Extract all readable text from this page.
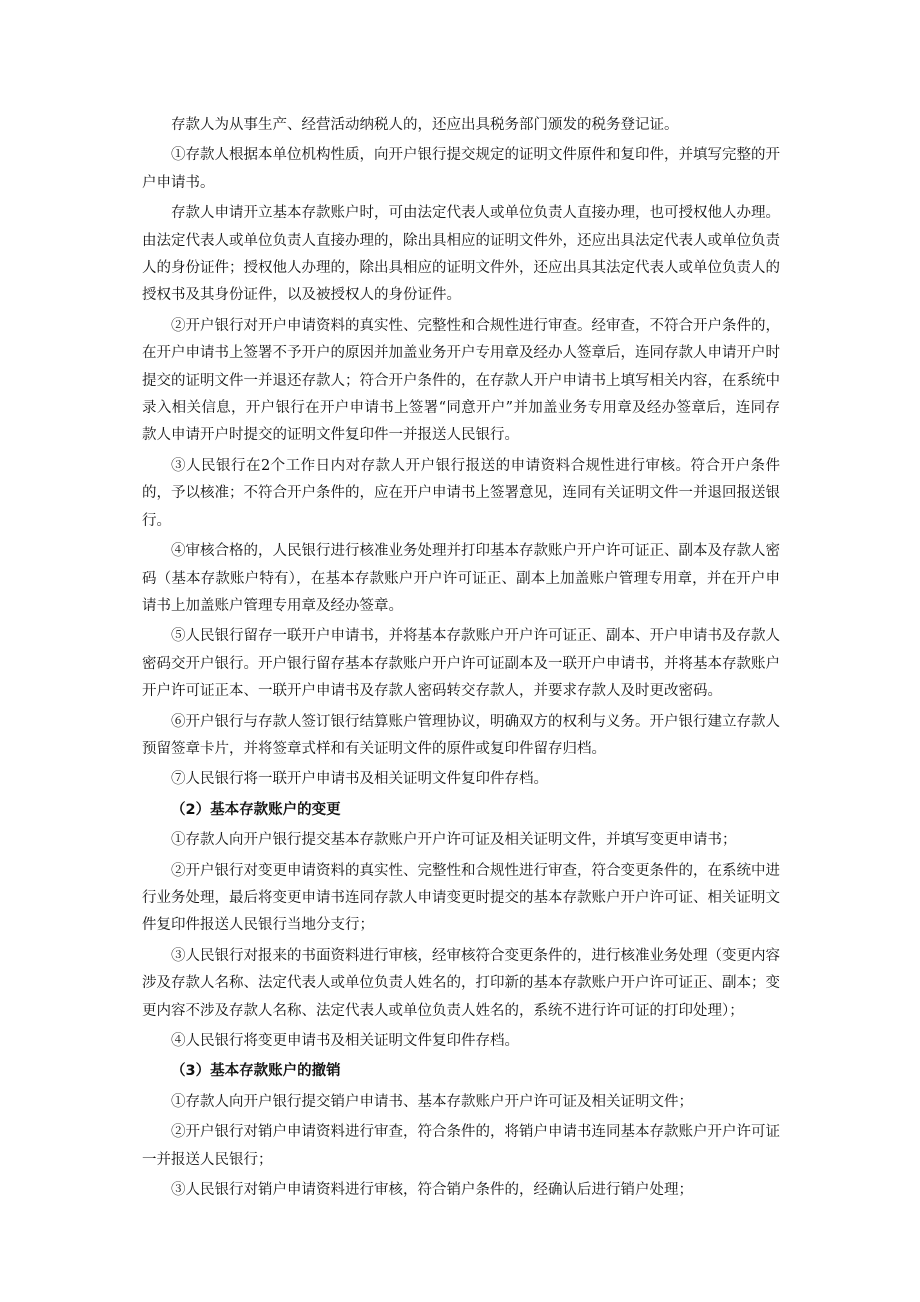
存款人为从事生产、经营活动纳税人的，还应出具税务部门颁发的税务登记证。

①存款人根据本单位机构性质，向开户银行提交规定的证明文件原件和复印件，并填写完整的开户申请书。

存款人申请开立基本存款账户时，可由法定代表人或单位负责人直接办理，也可授权他人办理。由法定代表人或单位负责人直接办理的，除出具相应的证明文件外，还应出具法定代表人或单位负责人的身份证件；授权他人办理的，除出具相应的证明文件外，还应出具其法定代表人或单位负责人的授权书及其身份证件，以及被授权人的身份证件。

②开户银行对开户申请资料的真实性、完整性和合规性进行审查。经审查，不符合开户条件的，在开户申请书上签署不予开户的原因并加盖业务开户专用章及经办人签章后，连同存款人申请开户时提交的证明文件一并退还存款人；符合开户条件的，在存款人开户申请书上填写相关内容，在系统中录入相关信息，开户银行在开户申请书上签署“同意开户”并加盖业务专用章及经办签章后，连同存款人申请开户时提交的证明文件复印件一并报送人民银行。

③人民银行在2个工作日内对存款人开户银行报送的申请资料合规性进行审核。符合开户条件的，予以核准；不符合开户条件的，应在开户申请书上签署意见，连同有关证明文件一并退回报送银行。

④审核合格的，人民银行进行核准业务处理并打印基本存款账户开户许可证正、副本及存款人密码（基本存款账户特有），在基本存款账户开户许可证正、副本上加盖账户管理专用章，并在开户申请书上加盖账户管理专用章及经办签章。

⑤人民银行留存一联开户申请书，并将基本存款账户开户许可证正、副本、开户申请书及存款人密码交开户银行。开户银行留存基本存款账户开户许可证副本及一联开户申请书，并将基本存款账户开户许可证正本、一联开户申请书及存款人密码转交存款人，并要求存款人及时更改密码。

⑥开户银行与存款人签订银行结算账户管理协议，明确双方的权利与义务。开户银行建立存款人预留签章卡片，并将签章式样和有关证明文件的原件或复印件留存归档。

⑦人民银行将一联开户申请书及相关证明文件复印件存档。

（2）基本存款账户的变更

①存款人向开户银行提交基本存款账户开户许可证及相关证明文件，并填写变更申请书；

②开户银行对变更申请资料的真实性、完整性和合规性进行审查，符合变更条件的，在系统中进行业务处理，最后将变更申请书连同存款人申请变更时提交的基本存款账户开户许可证、相关证明文件复印件报送人民银行当地分支行；

③人民银行对报来的书面资料进行审核，经审核符合变更条件的，进行核准业务处理（变更内容涉及存款人名称、法定代表人或单位负责人姓名的，打印新的基本存款账户开户许可证正、副本；变更内容不涉及存款人名称、法定代表人或单位负责人姓名的，系统不进行许可证的打印处理）；

④人民银行将变更申请书及相关证明文件复印件存档。

（3）基本存款账户的撤销

①存款人向开户银行提交销户申请书、基本存款账户开户许可证及相关证明文件；

②开户银行对销户申请资料进行审查，符合条件的，将销户申请书连同基本存款账户开户许可证一并报送人民银行；

③人民银行对销户申请资料进行审核，符合销户条件的，经确认后进行销户处理；
